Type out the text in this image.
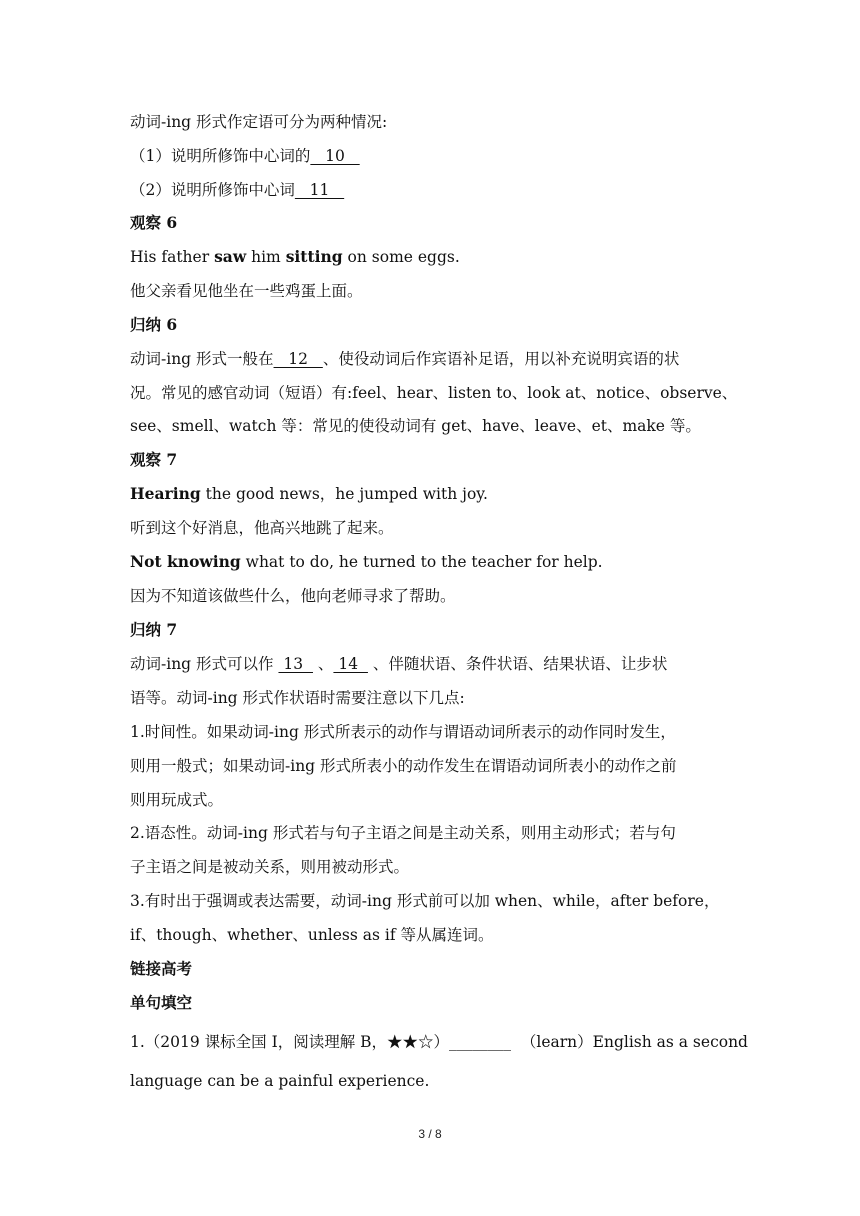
动词-ing 形式作定语可分为两种情况:
（1）说明所修饰中心词的   10
（2）说明所修饰中心词   11
观察 6
His father saw him sitting on some eggs.
他父亲看见他坐在一些鸡蛋上面。
归纳 6
动词-ing 形式一般在   12   、使役动词后作宾语补足语，用以补充说明宾语的状
况。常见的感官动词（短语）有:feel、hear、listen to、look at、notice、observe、
see、smell、watch 等：常见的使役动词有 get、have、leave、et、make 等。
观察 7
Hearing the good news，he jumped with joy.
听到这个好消息，他高兴地跳了起来。
Not knowing what to do, he turned to the teacher for help.
因为不知道该做些什么，他向老师寻求了帮助。
归纳 7
动词-ing 形式可以作  13   、 14   、伴随状语、条件状语、结果状语、让步状
语等。动词-ing 形式作状语时需要注意以下几点:
1.时间性。如果动词-ing 形式所表示的动作与谓语动词所表示的动作同时发生，
则用一般式；如果动词-ing 形式所表小的动作发生在谓语动词所表小的动作之前
则用玩成式。
2.语态性。动词-ing 形式若与句子主语之间是主动关系，则用主动形式；若与句
子主语之间是被动关系，则用被动形式。
3.有时出于强调或表达需要，动词-ing 形式前可以加 when、while，after before，
if、though、whether、unless as if 等从属连词。
链接高考
单句填空
1.（2019 课标全国 I，阅读理解 B，★★☆）________  （learn）English as a second
language can be a painful experience.
3 / 8
